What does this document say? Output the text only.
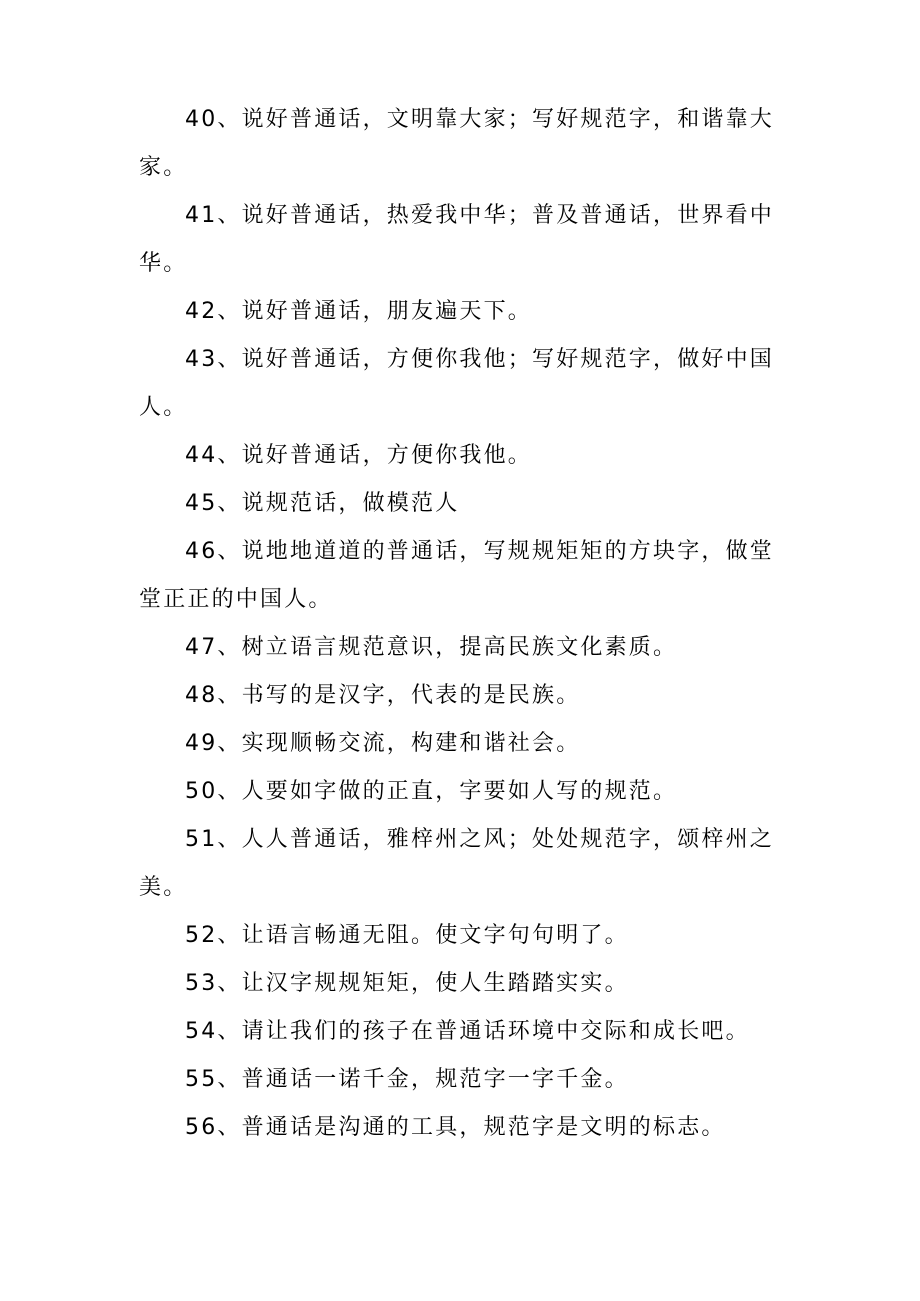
40、说好普通话，文明靠大家；写好规范字，和谐靠大家。

41、说好普通话，热爱我中华；普及普通话，世界看中华。

42、说好普通话，朋友遍天下。

43、说好普通话，方便你我他；写好规范字，做好中国人。

44、说好普通话，方便你我他。

45、说规范话，做模范人

46、说地地道道的普通话，写规规矩矩的方块字，做堂堂正正的中国人。

47、树立语言规范意识，提高民族文化素质。

48、书写的是汉字，代表的是民族。

49、实现顺畅交流，构建和谐社会。

50、人要如字做的正直，字要如人写的规范。

51、人人普通话，雅梓州之风；处处规范字，颂梓州之美。

52、让语言畅通无阻。使文字句句明了。

53、让汉字规规矩矩，使人生踏踏实实。

54、请让我们的孩子在普通话环境中交际和成长吧。

55、普通话一诺千金，规范字一字千金。

56、普通话是沟通的工具，规范字是文明的标志。
